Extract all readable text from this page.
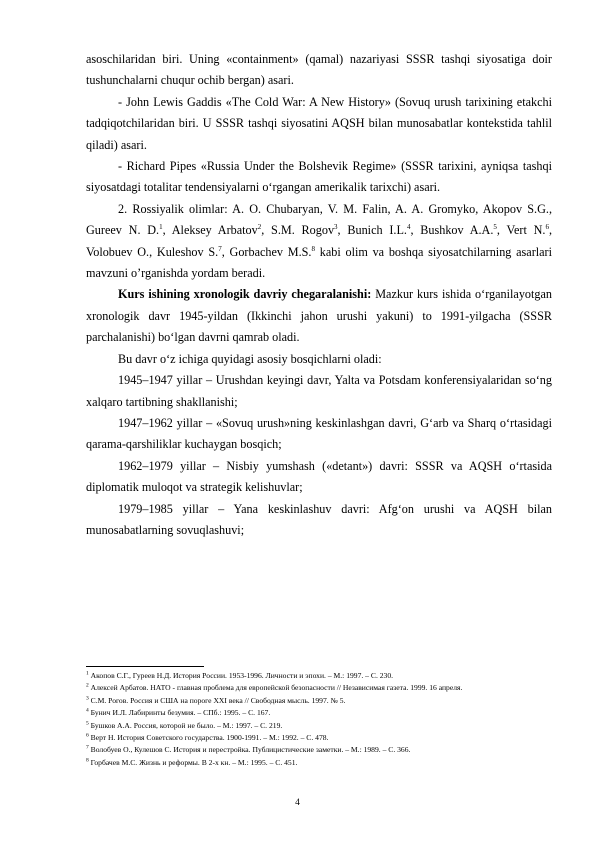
asoschilaridan biri. Uning «containment» (qamal) nazariyasi SSSR tashqi siyosatiga doir tushunchalarni chuqur ochib bergan) asari.

- John Lewis Gaddis «The Cold War: A New History» (Sovuq urush tarixining etakchi tadqiqotchilaridan biri. U SSSR tashqi siyosatini AQSH bilan munosabatlar kontekstida tahlil qiladi) asari.

- Richard Pipes «Russia Under the Bolshevik Regime» (SSSR tarixini, ayniqsa tashqi siyosatdagi totalitar tendensiyalarni o‘rgangan amerikalik tarixchi) asari.

2. Rossiyalik olimlar: A. O. Chubaryan, V. M. Falin, A. A. Gromyko, Akopov S.G., Gureev N. D.$^1$, Aleksey Arbatov$^2$, S.M. Rogov$^3$, Bunich I.L.$^4$, Bushkov A.A.$^5$, Vert N.$^6$, Volobuev O., Kuleshov S.$^7$, Gorbachev M.S.$^8$ kabi olim va boshqa siyosatchilarning asarlari mavzuni o’rganishda yordam beradi.

Kurs ishining xronologik davriy chegaralanishi: Mazkur kurs ishida o‘rganilayotgan xronologik davr 1945-yildan (Ikkinchi jahon urushi yakuni) to 1991-yilgacha (SSSR parchalanishi) bo‘lgan davrni qamrab oladi.

Bu davr o‘z ichiga quyidagi asosiy bosqichlarni oladi:

1945–1947 yillar – Urushdan keyingi davr, Yalta va Potsdam konferensiyalaridan so‘ng xalqaro tartibning shakllanishi;

1947–1962 yillar – «Sovuq urush»ning keskinlashgan davri, G‘arb va Sharq o‘rtasidagi qarama-qarshiliklar kuchaygan bosqich;

1962–1979 yillar – Nisbiy yumshash («detant») davri: SSSR va AQSH o‘rtasida diplomatik muloqot va strategik kelishuvlar;

1979–1985 yillar – Yana keskinlashuv davri: Afg‘on urushi va AQSH bilan munosabatlarning sovuqlashuvi;

$^1$ Акопов С.Г., Гуреев Н.Д. История России. 1953-1996. Личности и эпохи. – М.: 1997. – С. 230.
$^2$ Алексей Арбатов. НАТО - главная проблема для европейской безопасности // Независимая газета. 1999. 16 апреля.
$^3$ С.М. Рогов. Россия и США на пороге XXI века // Свободная мысль. 1997. № 5.
$^4$ Бунич И.Л. Лабиринты безумия. – СПб.: 1995. – С. 167.
$^5$ Бушков А.А. Россия, которой не было. – М.: 1997. – С. 219.
$^6$ Верт Н. История Советского государства. 1900-1991. – М.: 1992. – С. 478.
$^7$ Волобуев О., Кулешов С. История и перестройка. Публицистические заметки. – М.: 1989. – С. 366.
$^8$ Горбачев М.С. Жизнь и реформы. В 2-х кн. – М.: 1995. – С. 451.
4
